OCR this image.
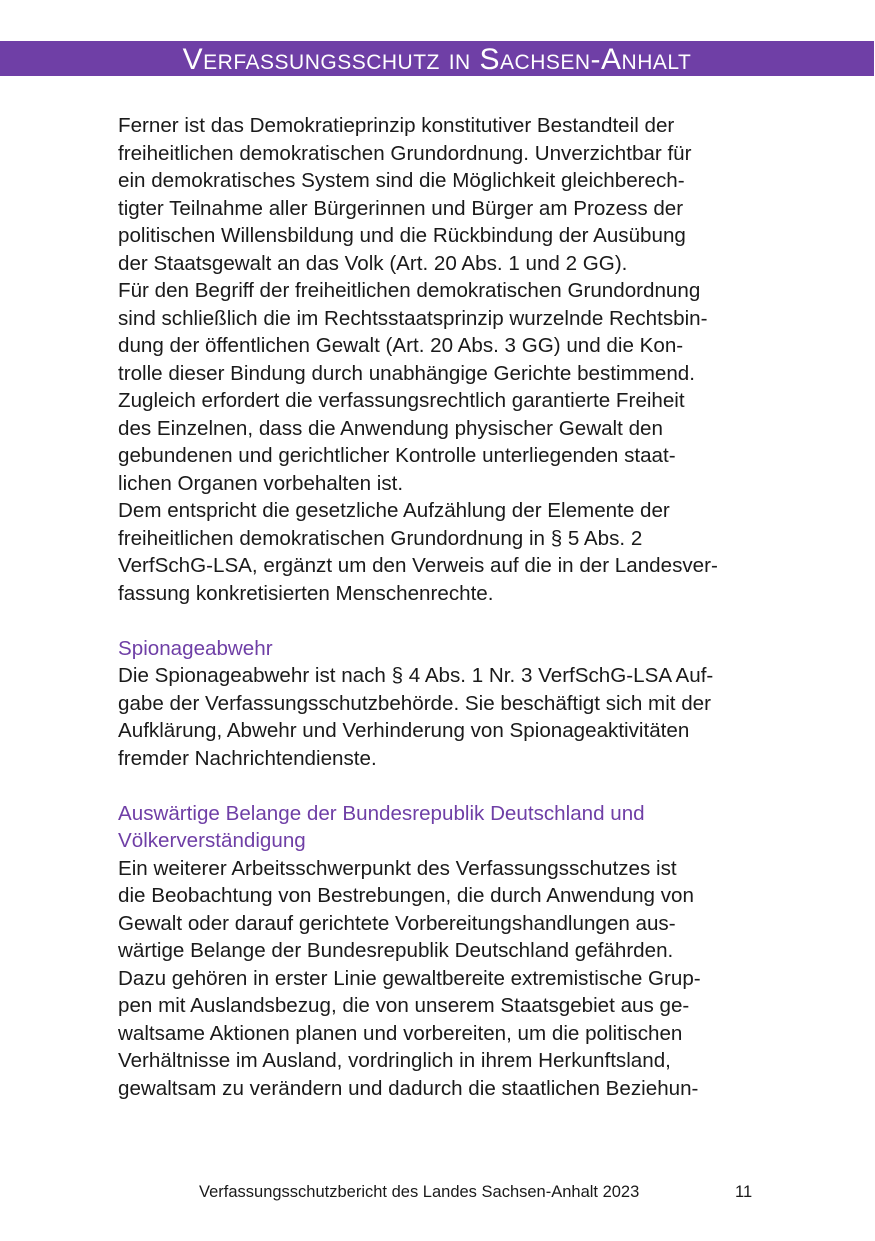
Verfassungsschutz in Sachsen-Anhalt
Ferner ist das Demokratieprinzip konstitutiver Bestandteil der
freiheitlichen demokratischen Grundordnung. Unverzichtbar für
ein demokratisches System sind die Möglichkeit gleichberech-
tigter Teilnahme aller Bürgerinnen und Bürger am Prozess der
politischen Willensbildung und die Rückbindung der Ausübung
der Staatsgewalt an das Volk (Art. 20 Abs. 1 und 2 GG).
Für den Begriff der freiheitlichen demokratischen Grundordnung
sind schließlich die im Rechtsstaatsprinzip wurzelnde Rechtsbin-
dung der öffentlichen Gewalt (Art. 20 Abs. 3 GG) und die Kon-
trolle dieser Bindung durch unabhängige Gerichte bestimmend.
Zugleich erfordert die verfassungsrechtlich garantierte Freiheit
des Einzelnen, dass die Anwendung physischer Gewalt den
gebundenen und gerichtlicher Kontrolle unterliegenden staat-
lichen Organen vorbehalten ist.
Dem entspricht die gesetzliche Aufzählung der Elemente der
freiheitlichen demokratischen Grundordnung in § 5 Abs. 2
VerfSchG-LSA, ergänzt um den Verweis auf die in der Landesver-
fassung konkretisierten Menschenrechte.
Spionageabwehr
Die Spionageabwehr ist nach § 4 Abs. 1 Nr. 3 VerfSchG-LSA Auf-
gabe der Verfassungsschutzbehörde. Sie beschäftigt sich mit der
Aufklärung, Abwehr und Verhinderung von Spionageaktivitäten
fremder Nachrichtendienste.
Auswärtige Belange der Bundesrepublik Deutschland und
Völkerverständigung
Ein weiterer Arbeitsschwerpunkt des Verfassungsschutzes ist
die Beobachtung von Bestrebungen, die durch Anwendung von
Gewalt oder darauf gerichtete Vorbereitungshandlungen aus-
wärtige Belange der Bundesrepublik Deutschland gefährden.
Dazu gehören in erster Linie gewaltbereite extremistische Grup-
pen mit Auslandsbezug, die von unserem Staatsgebiet aus ge-
waltsame Aktionen planen und vorbereiten, um die politischen
Verhältnisse im Ausland, vordringlich in ihrem Herkunftsland,
gewaltsam zu verändern und dadurch die staatlichen Beziehun-
Verfassungsschutzbericht des Landes Sachsen-Anhalt 2023	11
